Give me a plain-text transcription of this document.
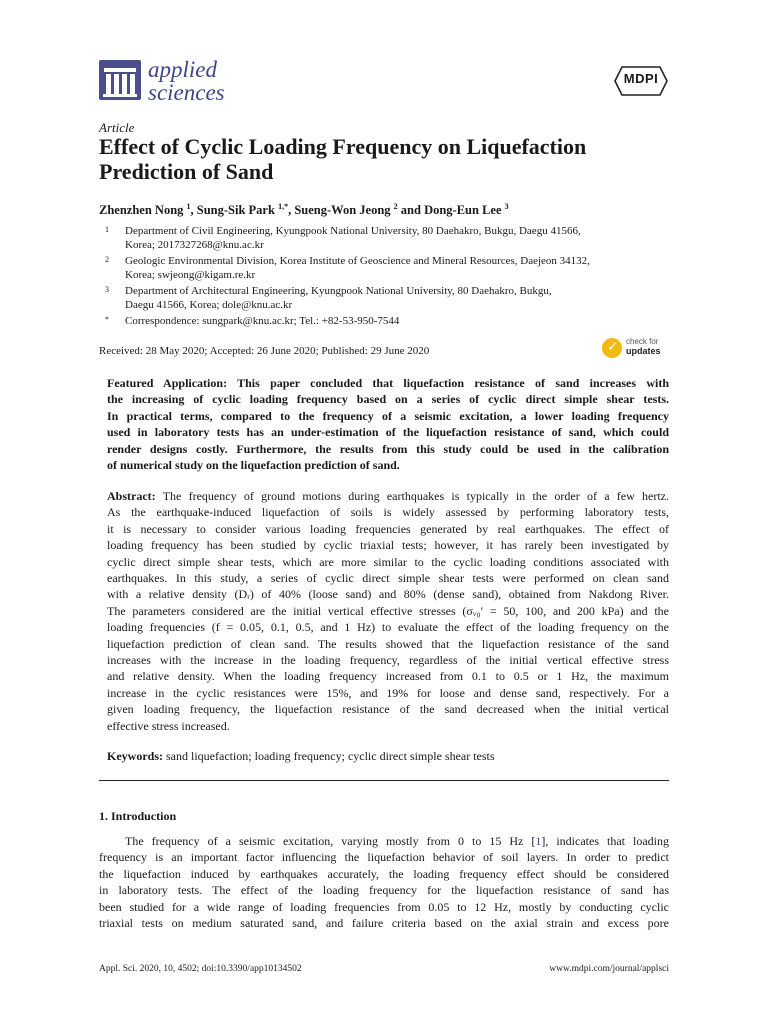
applied
sciences
MDPI
Article
Effect of Cyclic Loading Frequency on Liquefaction Prediction of Sand
Zhenzhen Nong $^1$, Sung-Sik Park $^{1,*}$, Sueng-Won Jeong $^2$ and Dong-Eun Lee $^3$
1 Department of Civil Engineering, Kyungpook National University, 80 Daehakro, Bukgu, Daegu 41566,
Korea; 2017327268@knu.ac.kr
2 Geologic Environmental Division, Korea Institute of Geoscience and Mineral Resources, Daejeon 34132,
Korea; swjeong@kigam.re.kr
3 Department of Architectural Engineering, Kyungpook National University, 80 Daehakro, Bukgu,
Daegu 41566, Korea; dole@knu.ac.kr
* Correspondence: sungpark@knu.ac.kr; Tel.: +82-53-950-7544
Received: 28 May 2020; Accepted: 26 June 2020; Published: 29 June 2020	✓ check for
updates
Featured Application: This paper concluded that liquefaction resistance of sand increases with
the increasing of cyclic loading frequency based on a series of cyclic direct simple shear tests.
In practical terms, compared to the frequency of a seismic excitation, a lower loading frequency
used in laboratory tests has an under-estimation of the liquefaction resistance of sand, which could
render designs costly. Furthermore, the results from this study could be used in the calibration
of numerical study on the liquefaction prediction of sand.
Abstract: The frequency of ground motions during earthquakes is typically in the order of a few hertz.
As the earthquake-induced liquefaction of soils is widely assessed by performing laboratory tests,
it is necessary to consider various loading frequencies generated by real earthquakes. The effect of
loading frequency has been studied by cyclic triaxial tests; however, it has rarely been investigated by
cyclic direct simple shear tests, which are more similar to the cyclic loading conditions associated with
earthquakes. In this study, a series of cyclic direct simple shear tests were performed on clean sand
with a relative density (Dᵣ) of 40% (loose sand) and 80% (dense sand), obtained from Nakdong River.
The parameters considered are the initial vertical effective stresses (σᵥ₀′ = 50, 100, and 200 kPa) and the
loading frequencies (f = 0.05, 0.1, 0.5, and 1 Hz) to evaluate the effect of the loading frequency on the
liquefaction prediction of clean sand. The results showed that the liquefaction resistance of the sand
increases with the increase in the loading frequency, regardless of the initial vertical effective stress
and relative density. When the loading frequency increased from 0.1 to 0.5 or 1 Hz, the maximum
increase in the cyclic resistances were 15%, and 19% for loose and dense sand, respectively. For a
given loading frequency, the liquefaction resistance of the sand decreased when the initial vertical
effective stress increased.
Keywords: sand liquefaction; loading frequency; cyclic direct simple shear tests
1. Introduction
The frequency of a seismic excitation, varying mostly from 0 to 15 Hz [1], indicates that loading
frequency is an important factor influencing the liquefaction behavior of soil layers. In order to predict
the liquefaction induced by earthquakes accurately, the loading frequency effect should be considered
in laboratory tests. The effect of the loading frequency for the liquefaction resistance of sand has
been studied for a wide range of loading frequencies from 0.05 to 12 Hz, mostly by conducting cyclic
triaxial tests on medium saturated sand, and failure criteria based on the axial strain and excess pore
Appl. Sci. 2020, 10, 4502; doi:10.3390/app10134502	www.mdpi.com/journal/applsci
